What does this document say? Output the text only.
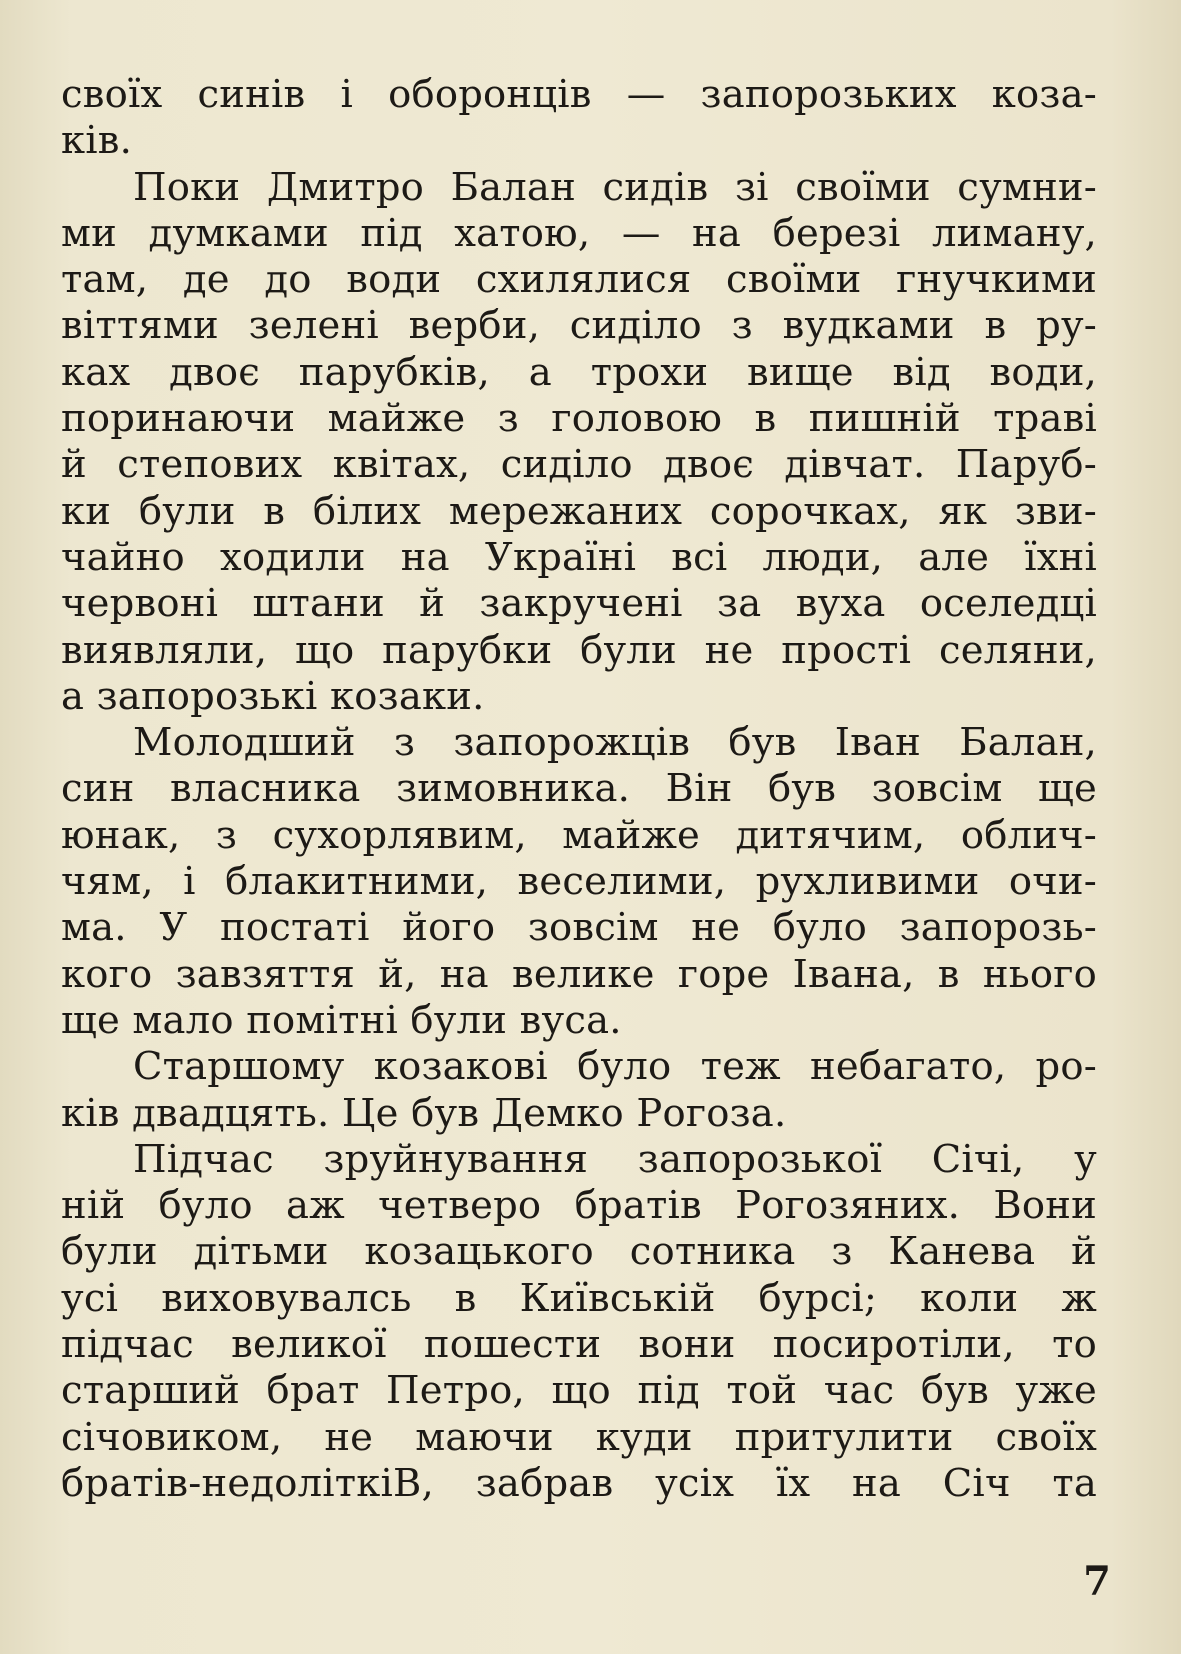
своїх синів і оборонців — запорозьких коза-
ків.
Поки Дмитро Балан сидів зі своїми сумни-
ми думками під хатою, — на березі лиману,
там, де до води схилялися своїми гнучкими
віттями зелені верби, сиділо з вудками в ру-
ках двоє парубків, а трохи вище від води,
поринаючи майже з головою в пишній траві
й степових квітах, сиділо двоє дівчат. Паруб-
ки були в білих мережаних сорочках, як зви-
чайно ходили на Україні всі люди, але їхні
червоні штани й закручені за вуха оселедці
виявляли, що парубки були не прості селяни,
а запорозькі козаки.
Молодший з запорожців був Іван Балан,
син власника зимовника. Він був зовсім ще
юнак, з сухорлявим, майже дитячим, облич-
чям, і блакитними, веселими, рухливими очи-
ма. У постаті його зовсім не було запорозь-
кого завзяття й, на велике горе Івана, в нього
ще мало помітні були вуса.
Старшому козакові було теж небагато, ро-
ків двадцять. Це був Демко Рогоза.
Підчас зруйнування запорозької Січі, у
ній було аж четверо братів Рогозяних. Вони
були дітьми козацького сотника з Канева й
усі виховувалсь в Київській бурсі; коли ж
підчас великої пошести вони посиротіли, то
старший брат Петро, що під той час був уже
січовиком, не маючи куди притулити своїх
братів-недоліткіВ, забрав усіх їх на Січ та
7
